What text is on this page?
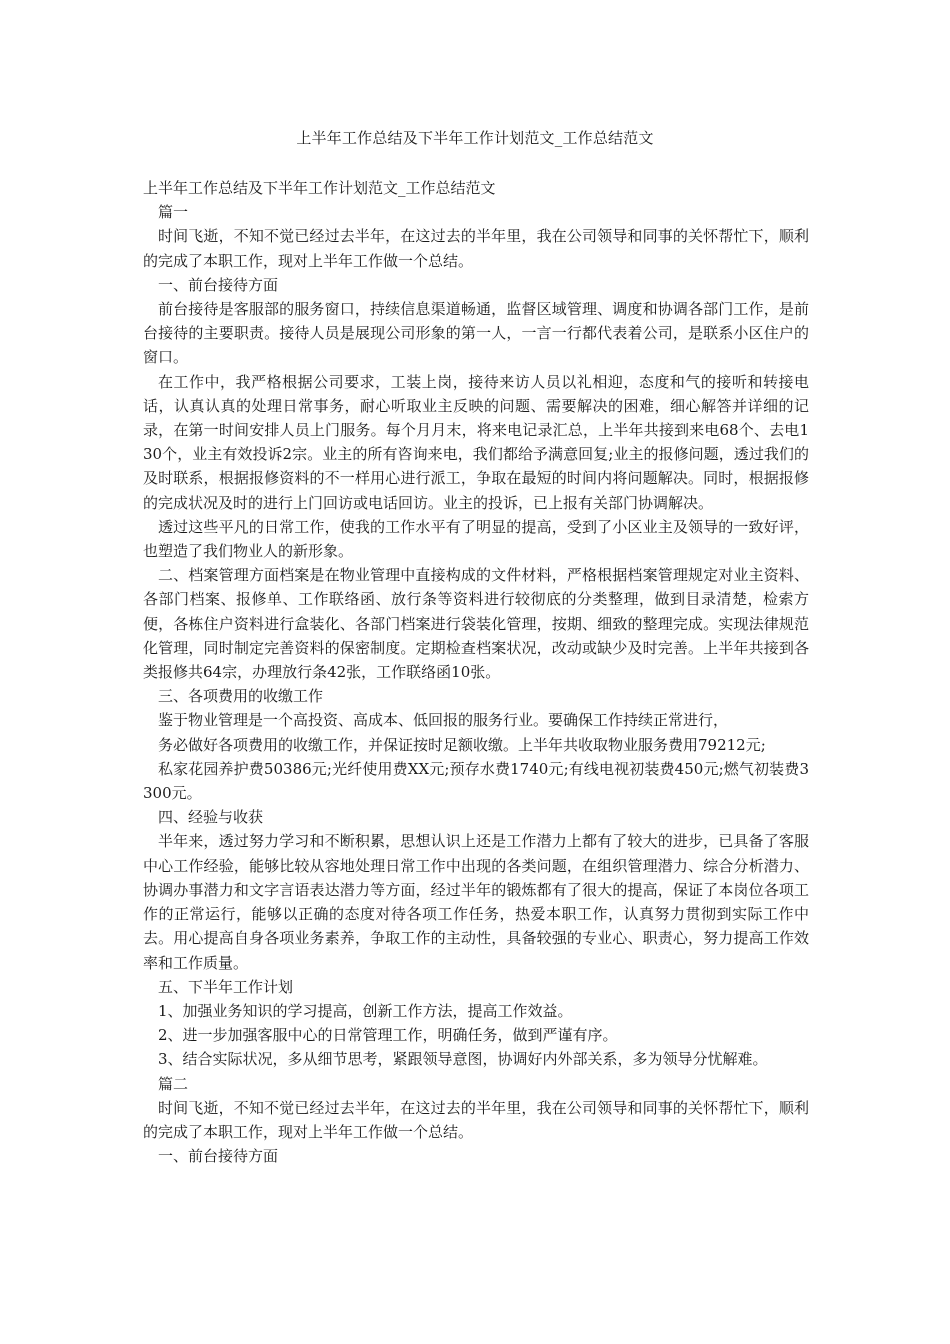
上半年工作总结及下半年工作计划范文_工作总结范文

上半年工作总结及下半年工作计划范文_工作总结范文

篇一

时间飞逝，不知不觉已经过去半年，在这过去的半年里，我在公司领导和同事的关怀帮忙下，顺利的完成了本职工作，现对上半年工作做一个总结。

一、前台接待方面

前台接待是客服部的服务窗口，持续信息渠道畅通，监督区域管理、调度和协调各部门工作，是前台接待的主要职责。接待人员是展现公司形象的第一人，一言一行都代表着公司，是联系小区住户的窗口。

在工作中，我严格根据公司要求，工装上岗，接待来访人员以礼相迎，态度和气的接听和转接电话，认真认真的处理日常事务，耐心听取业主反映的问题、需要解决的困难，细心解答并详细的记录，在第一时间安排人员上门服务。每个月月末，将来电记录汇总，上半年共接到来电68个、去电130个，业主有效投诉2宗。业主的所有咨询来电，我们都给予满意回复;业主的报修问题，透过我们的及时联系，根据报修资料的不一样用心进行派工，争取在最短的时间内将问题解决。同时，根据报修的完成状况及时的进行上门回访或电话回访。业主的投诉，已上报有关部门协调解决。

透过这些平凡的日常工作，使我的工作水平有了明显的提高，受到了小区业主及领导的一致好评，也塑造了我们物业人的新形象。

二、档案管理方面档案是在物业管理中直接构成的文件材料，严格根据档案管理规定对业主资料、各部门档案、报修单、工作联络函、放行条等资料进行较彻底的分类整理，做到目录清楚，检索方便，各栋住户资料进行盒装化、各部门档案进行袋装化管理，按期、细致的整理完成。实现法律规范化管理，同时制定完善资料的保密制度。定期检查档案状况，改动或缺少及时完善。上半年共接到各类报修共64宗，办理放行条42张，工作联络函10张。

三、各项费用的收缴工作

鉴于物业管理是一个高投资、高成本、低回报的服务行业。要确保工作持续正常进行，

务必做好各项费用的收缴工作，并保证按时足额收缴。上半年共收取物业服务费用79212元;

私家花园养护费50386元;光纤使用费XX元;预存水费1740元;有线电视初装费450元;燃气初装费3300元。

四、经验与收获

半年来，透过努力学习和不断积累，思想认识上还是工作潜力上都有了较大的进步，已具备了客服中心工作经验，能够比较从容地处理日常工作中出现的各类问题，在组织管理潜力、综合分析潜力、协调办事潜力和文字言语表达潜力等方面，经过半年的锻炼都有了很大的提高，保证了本岗位各项工作的正常运行，能够以正确的态度对待各项工作任务，热爱本职工作，认真努力贯彻到实际工作中去。用心提高自身各项业务素养，争取工作的主动性，具备较强的专业心、职责心，努力提高工作效率和工作质量。

五、下半年工作计划

1、加强业务知识的学习提高，创新工作方法，提高工作效益。

2、进一步加强客服中心的日常管理工作，明确任务，做到严谨有序。

3、结合实际状况，多从细节思考，紧跟领导意图，协调好内外部关系，多为领导分忧解难。

篇二

时间飞逝，不知不觉已经过去半年，在这过去的半年里，我在公司领导和同事的关怀帮忙下，顺利的完成了本职工作，现对上半年工作做一个总结。

一、前台接待方面
